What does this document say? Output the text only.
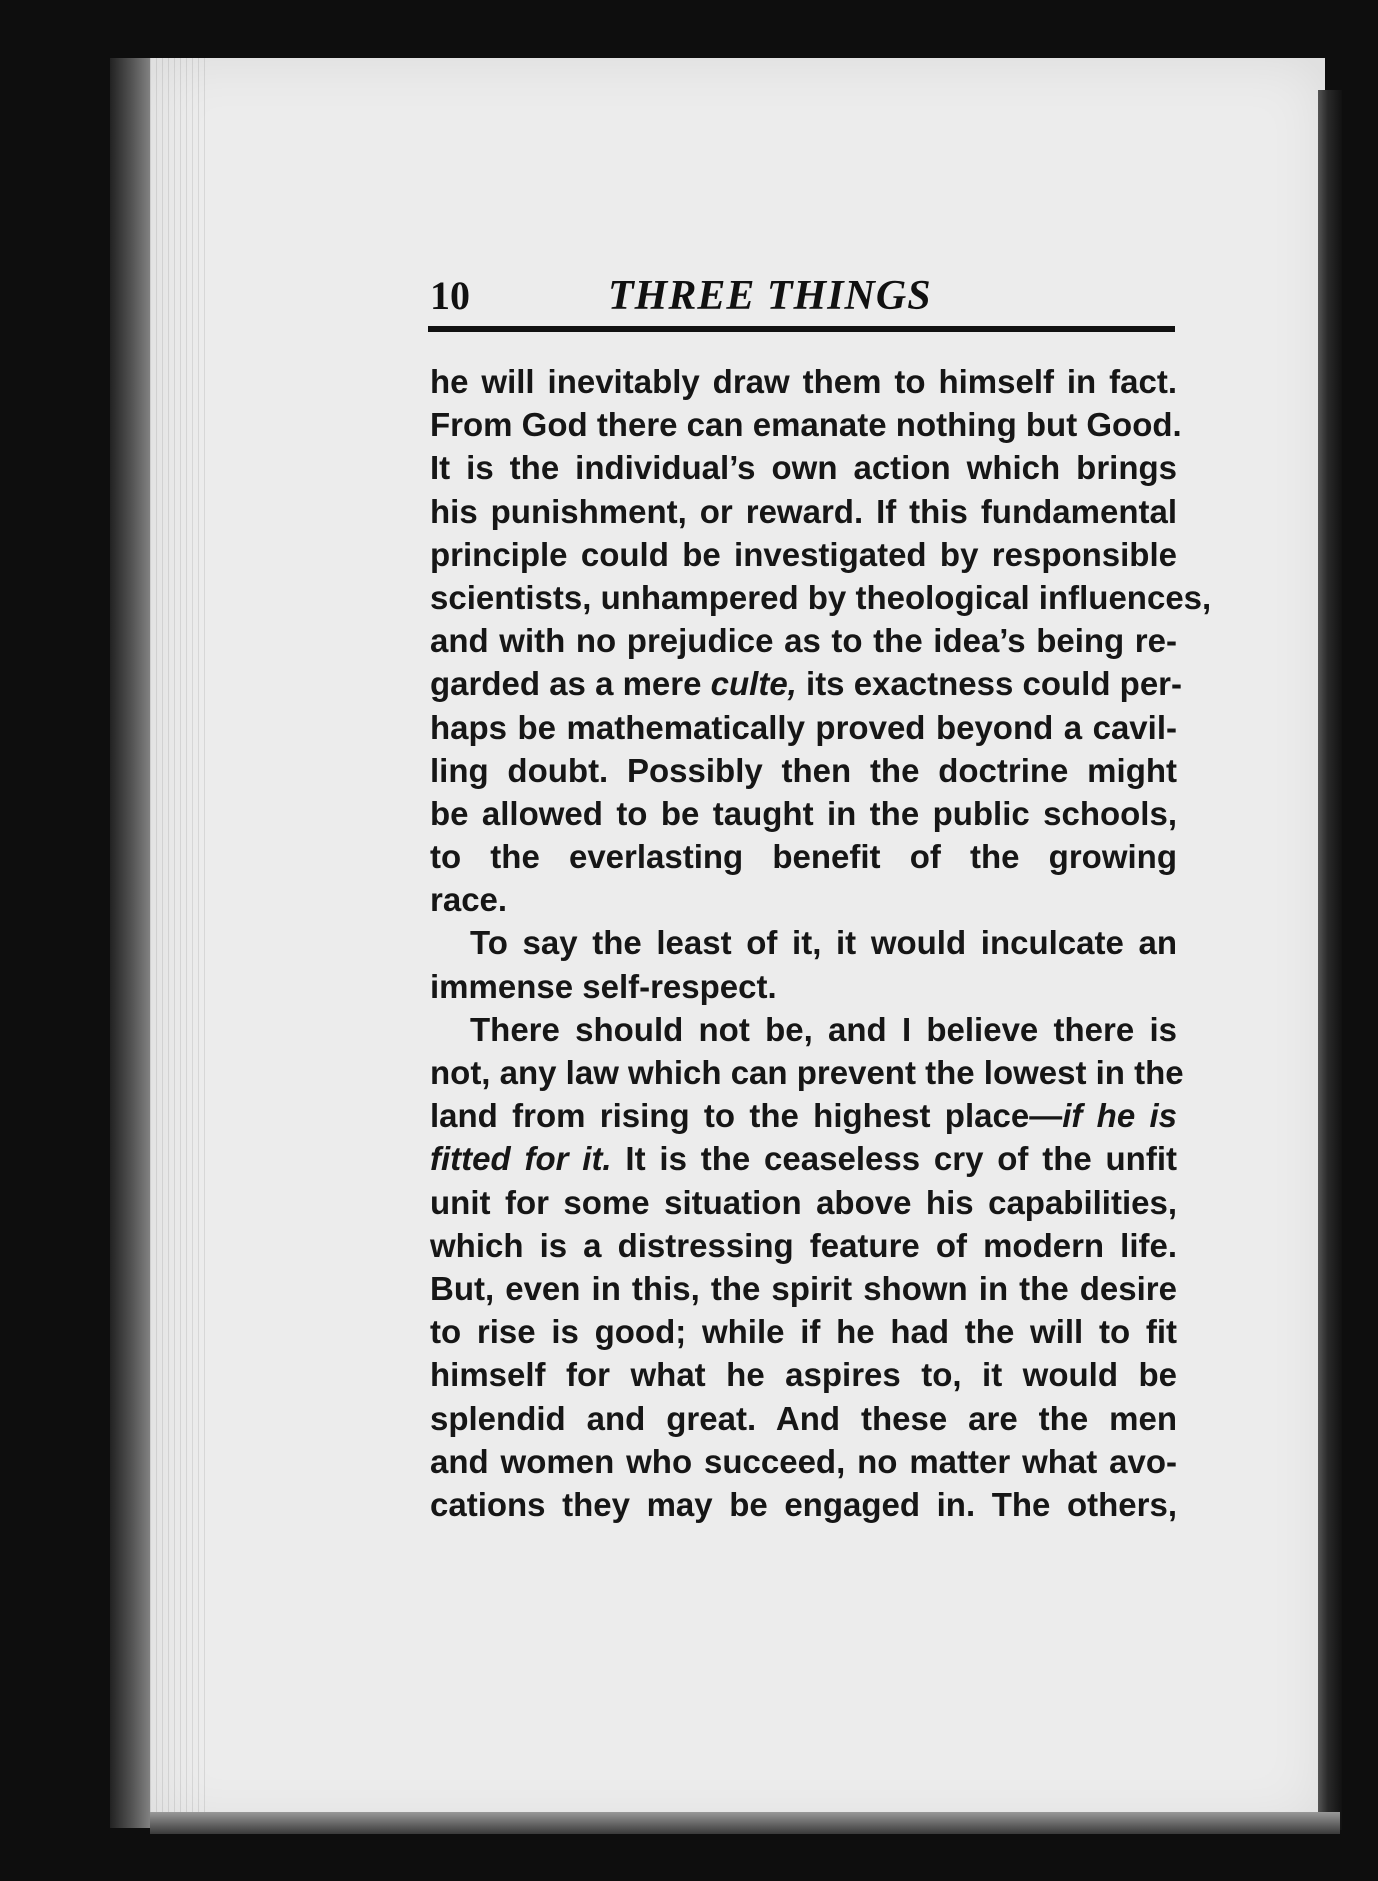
10	THREE THINGS
he will inevitably draw them to himself in fact.
From God there can emanate nothing but Good.
It is the individual’s own action which brings
his punishment, or reward. If this fundamental
principle could be investigated by responsible
scientists, unhampered by theological influences,
and with no prejudice as to the idea’s being re-
garded as a mere culte, its exactness could per-
haps be mathematically proved beyond a cavil-
ling doubt. Possibly then the doctrine might
be allowed to be taught in the public schools,
to the everlasting benefit of the growing
race.
To say the least of it, it would inculcate an
immense self-respect.
There should not be, and I believe there is
not, any law which can prevent the lowest in the
land from rising to the highest place—if he is
fitted for it. It is the ceaseless cry of the unfit
unit for some situation above his capabilities,
which is a distressing feature of modern life.
But, even in this, the spirit shown in the desire
to rise is good; while if he had the will to fit
himself for what he aspires to, it would be
splendid and great. And these are the men
and women who succeed, no matter what avo-
cations they may be engaged in. The others,
